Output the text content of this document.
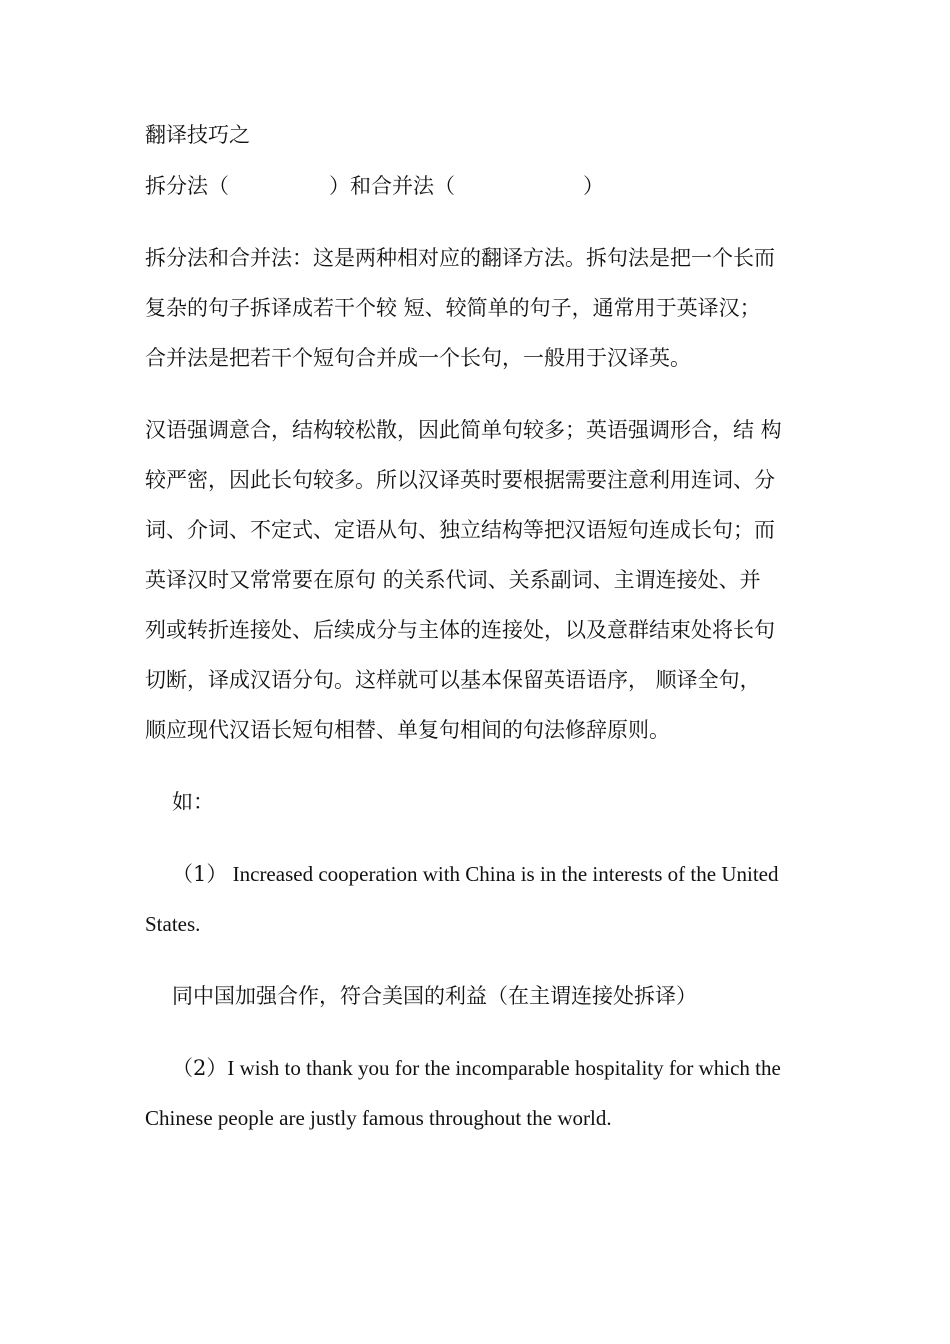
翻译技巧之
拆分法（	）和合并法（	）
拆分法和合并法：这是两种相对应的翻译方法。拆句法是把一个长而
复杂的句子拆译成若干个较 短、较简单的句子，通常用于英译汉；
合并法是把若干个短句合并成一个长句，一般用于汉译英。
汉语强调意合，结构较松散，因此简单句较多；英语强调形合，结 构
较严密，因此长句较多。所以汉译英时要根据需要注意利用连词、分
词、介词、不定式、定语从句、独立结构等把汉语短句连成长句；而
英译汉时又常常要在原句 的关系代词、关系副词、主谓连接处、并
列或转折连接处、后续成分与主体的连接处，以及意群结束处将长句
切断，译成汉语分句。这样就可以基本保留英语语序， 顺译全句，
顺应现代汉语长短句相替、单复句相间的句法修辞原则。
如：
（1） Increased cooperation with China is in the interests of the United
States.
同中国加强合作，符合美国的利益（在主谓连接处拆译）
（2）I wish to thank you for the incomparable hospitality for which the
Chinese people are justly famous throughout the world.
